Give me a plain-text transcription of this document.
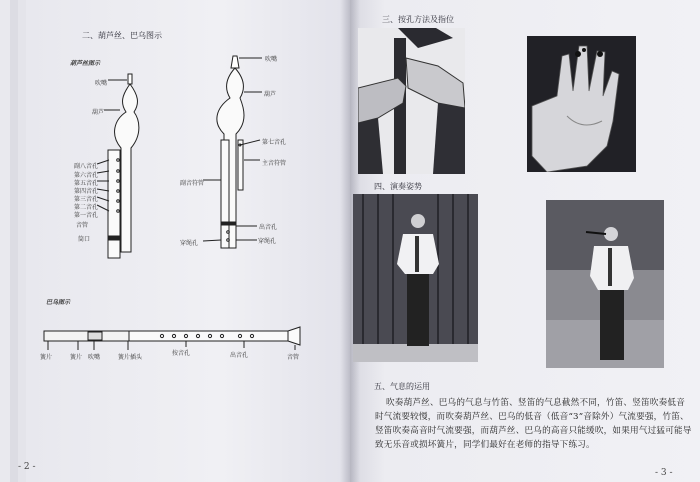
二、葫芦丝、巴乌图示
葫芦丝图示
巴乌图示
吹嘴
葫芦
副八音孔
第六音孔
第五音孔
第四音孔
第三音孔
第二音孔
第一音孔
音管
筒口
吹嘴
葫芦
第七音孔
主音符管
副音符管
出音孔
穿绳孔	穿绳孔
簧片	簧片 吹嘴	簧片插头
按音孔	出音孔	音管
- 2 -
三、按孔方法及指位
四、演奏姿势
五、气息的运用
吹奏葫芦丝、巴乌的气息与竹笛、竖笛的气息截然不同，竹笛、竖笛吹奏低音
时气流要较慢，而吹奏葫芦丝、巴乌的低音（低音“3”音除外）气流要强，竹笛、
竖笛吹奏高音时气流要强，而葫芦丝、巴乌的高音只能缓吹，如果用气过猛可能导
致无乐音或损坏簧片，同学们最好在老师的指导下练习。
- 3 -
